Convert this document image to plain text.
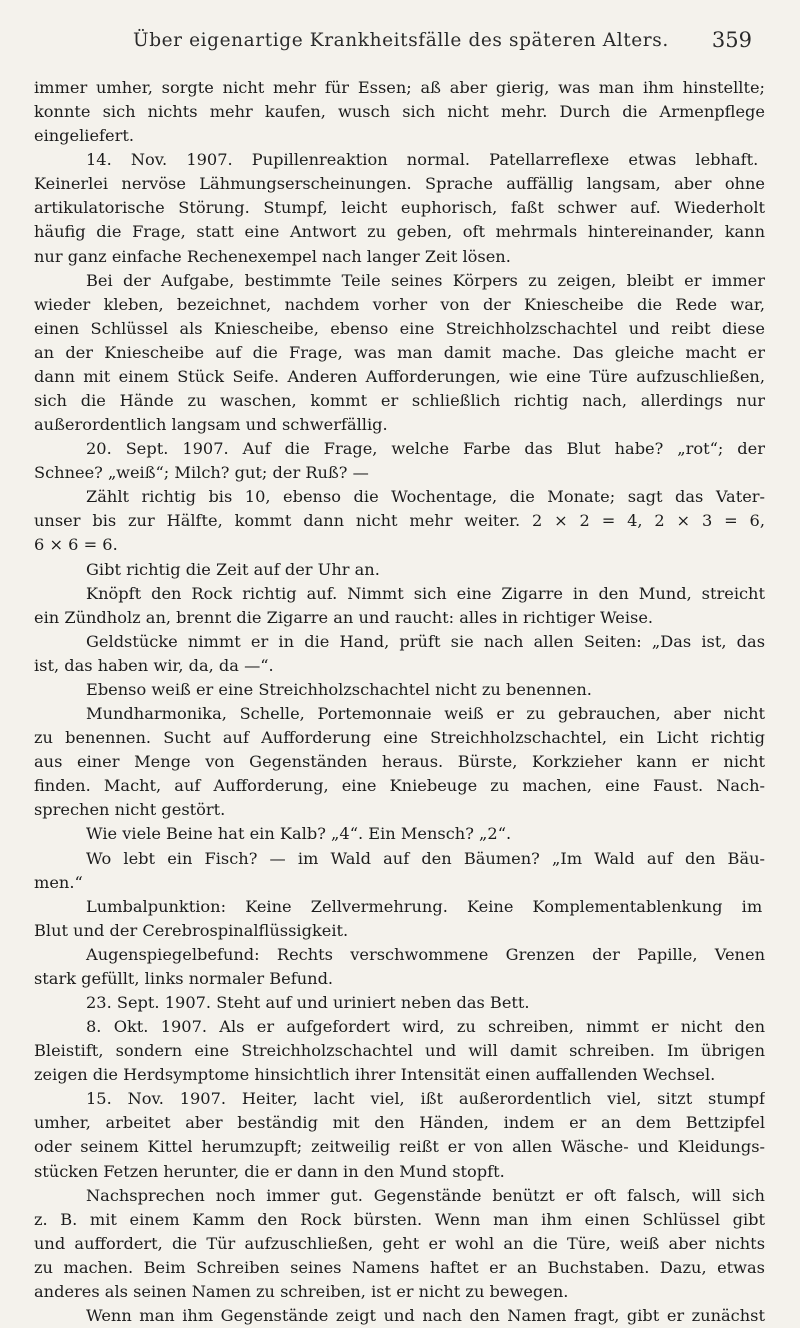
Über eigenartige Krankheitsfälle des späteren Alters. 359
immer umher, sorgte nicht mehr für Essen; aß aber gierig, was man ihm hinstellte;
konnte sich nichts mehr kaufen, wusch sich nicht mehr. Durch die Armenpflege
eingeliefert.
14. Nov. 1907. Pupillenreaktion normal. Patellarreflexe etwas lebhaft.
Keinerlei nervöse Lähmungserscheinungen. Sprache auffällig langsam, aber ohne
artikulatorische Störung. Stumpf, leicht euphorisch, faßt schwer auf. Wiederholt
häufig die Frage, statt eine Antwort zu geben, oft mehrmals hintereinander, kann
nur ganz einfache Rechenexempel nach langer Zeit lösen.
Bei der Aufgabe, bestimmte Teile seines Körpers zu zeigen, bleibt er immer
wieder kleben, bezeichnet, nachdem vorher von der Kniescheibe die Rede war,
einen Schlüssel als Kniescheibe, ebenso eine Streichholzschachtel und reibt diese
an der Kniescheibe auf die Frage, was man damit mache. Das gleiche macht er
dann mit einem Stück Seife. Anderen Aufforderungen, wie eine Türe aufzuschließen,
sich die Hände zu waschen, kommt er schließlich richtig nach, allerdings nur
außerordentlich langsam und schwerfällig.
20. Sept. 1907. Auf die Frage, welche Farbe das Blut habe? „rot“; der
Schnee? „weiß“; Milch? gut; der Ruß? —
Zählt richtig bis 10, ebenso die Wochentage, die Monate; sagt das Vater-
unser bis zur Hälfte, kommt dann nicht mehr weiter. 2 × 2 = 4, 2 × 3 = 6,
6 × 6 = 6.
Gibt richtig die Zeit auf der Uhr an.
Knöpft den Rock richtig auf. Nimmt sich eine Zigarre in den Mund, streicht
ein Zündholz an, brennt die Zigarre an und raucht: alles in richtiger Weise.
Geldstücke nimmt er in die Hand, prüft sie nach allen Seiten: „Das ist, das
ist, das haben wir, da, da —“.
Ebenso weiß er eine Streichholzschachtel nicht zu benennen.
Mundharmonika, Schelle, Portemonnaie weiß er zu gebrauchen, aber nicht
zu benennen. Sucht auf Aufforderung eine Streichholzschachtel, ein Licht richtig
aus einer Menge von Gegenständen heraus. Bürste, Korkzieher kann er nicht
finden. Macht, auf Aufforderung, eine Kniebeuge zu machen, eine Faust. Nach-
sprechen nicht gestört.
Wie viele Beine hat ein Kalb? „4“. Ein Mensch? „2“.
Wo lebt ein Fisch? — im Wald auf den Bäumen? „Im Wald auf den Bäu-
men.“
Lumbalpunktion: Keine Zellvermehrung. Keine Komplementablenkung im
Blut und der Cerebrospinalflüssigkeit.
Augenspiegelbefund: Rechts verschwommene Grenzen der Papille, Venen
stark gefüllt, links normaler Befund.
23. Sept. 1907. Steht auf und uriniert neben das Bett.
8. Okt. 1907. Als er aufgefordert wird, zu schreiben, nimmt er nicht den
Bleistift, sondern eine Streichholzschachtel und will damit schreiben. Im übrigen
zeigen die Herdsymptome hinsichtlich ihrer Intensität einen auffallenden Wechsel.
15. Nov. 1907. Heiter, lacht viel, ißt außerordentlich viel, sitzt stumpf
umher, arbeitet aber beständig mit den Händen, indem er an dem Bettzipfel
oder seinem Kittel herumzupft; zeitweilig reißt er von allen Wäsche- und Kleidungs-
stücken Fetzen herunter, die er dann in den Mund stopft.
Nachsprechen noch immer gut. Gegenstände benützt er oft falsch, will sich
z. B. mit einem Kamm den Rock bürsten. Wenn man ihm einen Schlüssel gibt
und auffordert, die Tür aufzuschließen, geht er wohl an die Türe, weiß aber nichts
zu machen. Beim Schreiben seines Namens haftet er an Buchstaben. Dazu, etwas
anderes als seinen Namen zu schreiben, ist er nicht zu bewegen.
Wenn man ihm Gegenstände zeigt und nach den Namen fragt, gibt er zunächst
